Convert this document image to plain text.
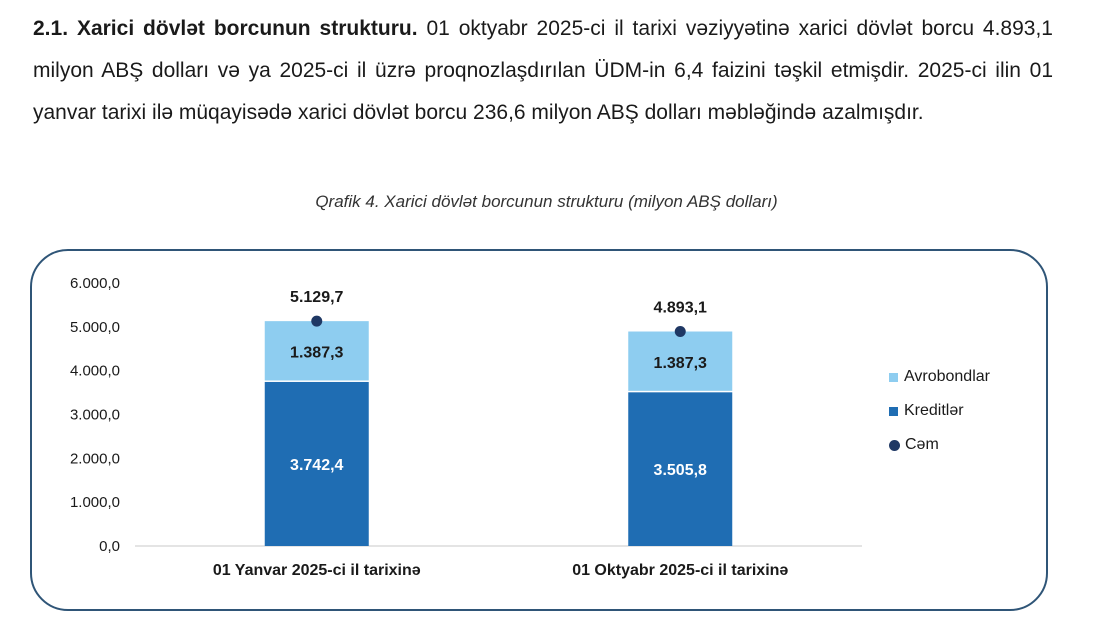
2.1. Xarici dövlət borcunun strukturu. 01 oktyabr 2025-ci il tarixi vəziyyətinə xarici dövlət borcu 4.893,1 milyon ABŞ dolları və ya 2025-ci il üzrə proqnozlaşdırılan ÜDM-in 6,4 faizini təşkil etmişdir. 2025-ci ilin 01 yanvar tarixi ilə müqayisədə xarici dövlət borcu 236,6 milyon ABŞ dolları məbləğində azalmışdır.

Qrafik 4. Xarici dövlət borcunun strukturu (milyon ABŞ dolları)
0,0
1.000,0
2.000,0
3.000,0
4.000,0
5.000,0
6.000,0
3.742,4
1.387,3
5.129,7
01 Yanvar 2025-ci il tarixinə
3.505,8
1.387,3
4.893,1
01 Oktyabr 2025-ci il tarixinə
Avrobondlar
Kreditlər
Cəm
